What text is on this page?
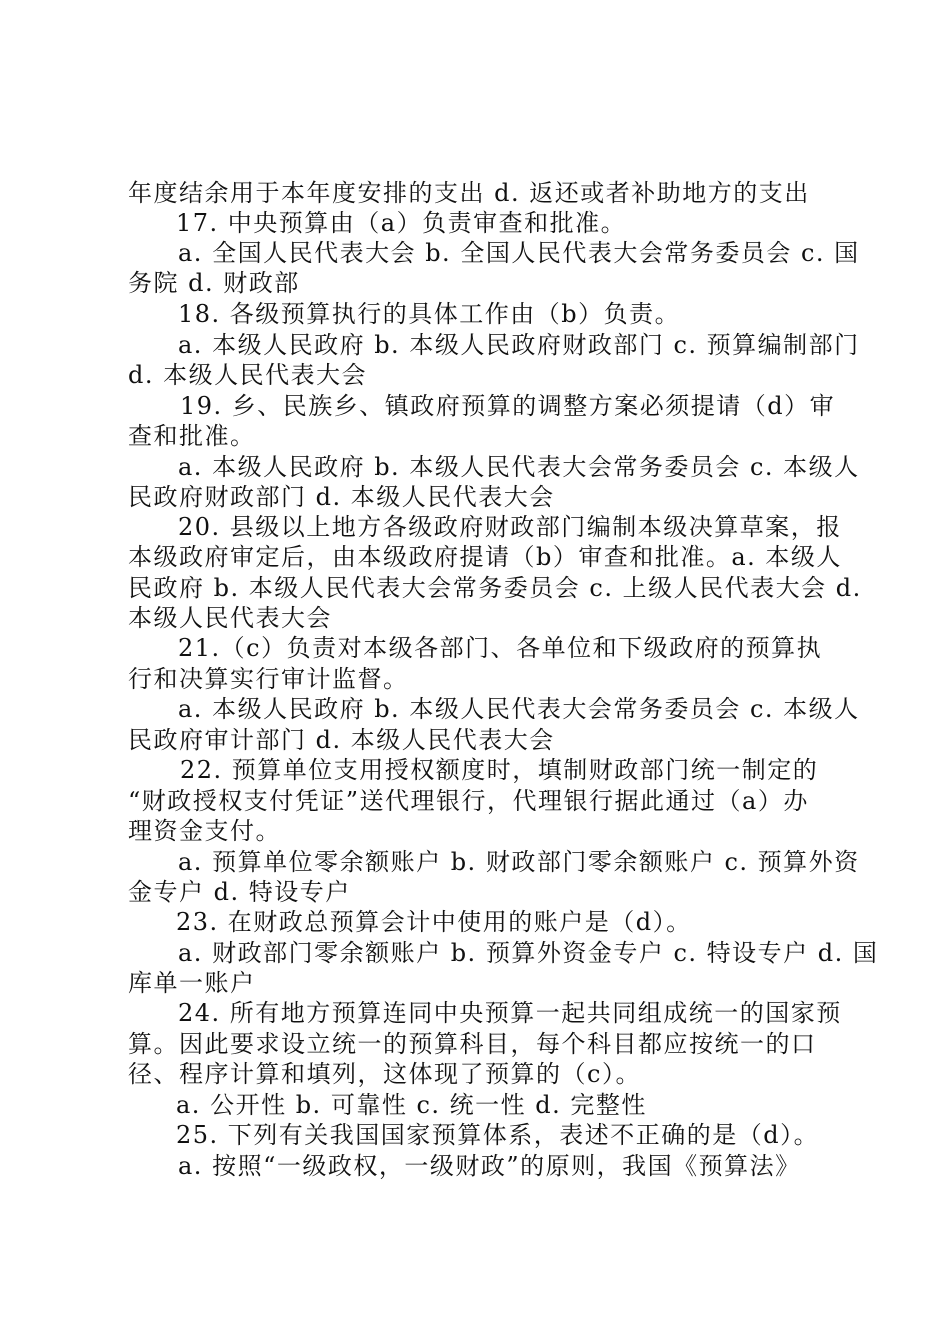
年度结余用于本年度安排的支出 d. 返还或者补助地方的支出
17. 中央预算由（a）负责审查和批准。
a. 全国人民代表大会 b. 全国人民代表大会常务委员会 c. 国
务院 d. 财政部
18. 各级预算执行的具体工作由（b）负责。
a. 本级人民政府 b. 本级人民政府财政部门 c. 预算编制部门
d. 本级人民代表大会
19. 乡、民族乡、镇政府预算的调整方案必须提请（d）审
查和批准。
a. 本级人民政府 b. 本级人民代表大会常务委员会 c. 本级人
民政府财政部门 d. 本级人民代表大会
20. 县级以上地方各级政府财政部门编制本级决算草案，报
本级政府审定后，由本级政府提请（b）审查和批准。a. 本级人
民政府 b. 本级人民代表大会常务委员会 c. 上级人民代表大会 d.
本级人民代表大会
21.（c）负责对本级各部门、各单位和下级政府的预算执
行和决算实行审计监督。
a. 本级人民政府 b. 本级人民代表大会常务委员会 c. 本级人
民政府审计部门 d. 本级人民代表大会
22. 预算单位支用授权额度时，填制财政部门统一制定的
“财政授权支付凭证”送代理银行，代理银行据此通过（a）办
理资金支付。
a. 预算单位零余额账户 b. 财政部门零余额账户 c. 预算外资
金专户 d. 特设专户
23. 在财政总预算会计中使用的账户是（d）。
a. 财政部门零余额账户 b. 预算外资金专户 c. 特设专户 d. 国
库单一账户
24. 所有地方预算连同中央预算一起共同组成统一的国家预
算。因此要求设立统一的预算科目，每个科目都应按统一的口
径、程序计算和填列，这体现了预算的（c）。
a. 公开性 b. 可靠性 c. 统一性 d. 完整性
25. 下列有关我国国家预算体系，表述不正确的是（d）。
a. 按照“一级政权，一级财政”的原则，我国《预算法》
